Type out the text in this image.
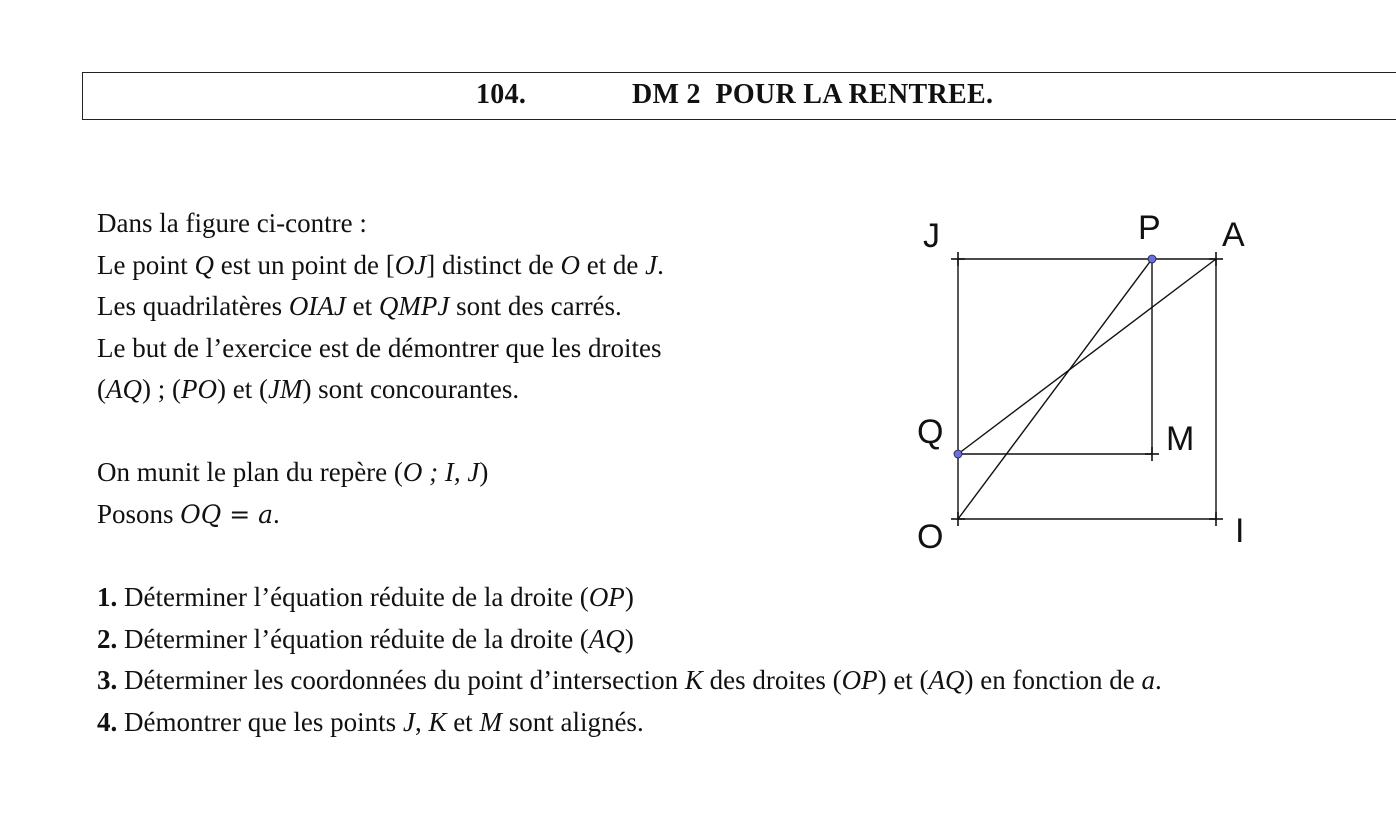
104.	DM 2  POUR LA RENTREE.
Dans la figure ci-contre :
Le point Q est un point de [OJ] distinct de O et de J.
Les quadrilatères OIAJ et QMPJ sont des carrés.
Le but de l’exercice est de démontrer que les droites
(AQ) ; (PO) et (JM) sont concourantes.
On munit le plan du repère (O ; I, J)
Posons OQ = a.
1. Déterminer l’équation réduite de la droite (OP)
2. Déterminer l’équation réduite de la droite (AQ)
3. Déterminer les coordonnées du point d’intersection K des droites (OP) et (AQ) en fonction de a.
4. Démontrer que les points J, K et M sont alignés.
J	P A
Q	M
O	I
